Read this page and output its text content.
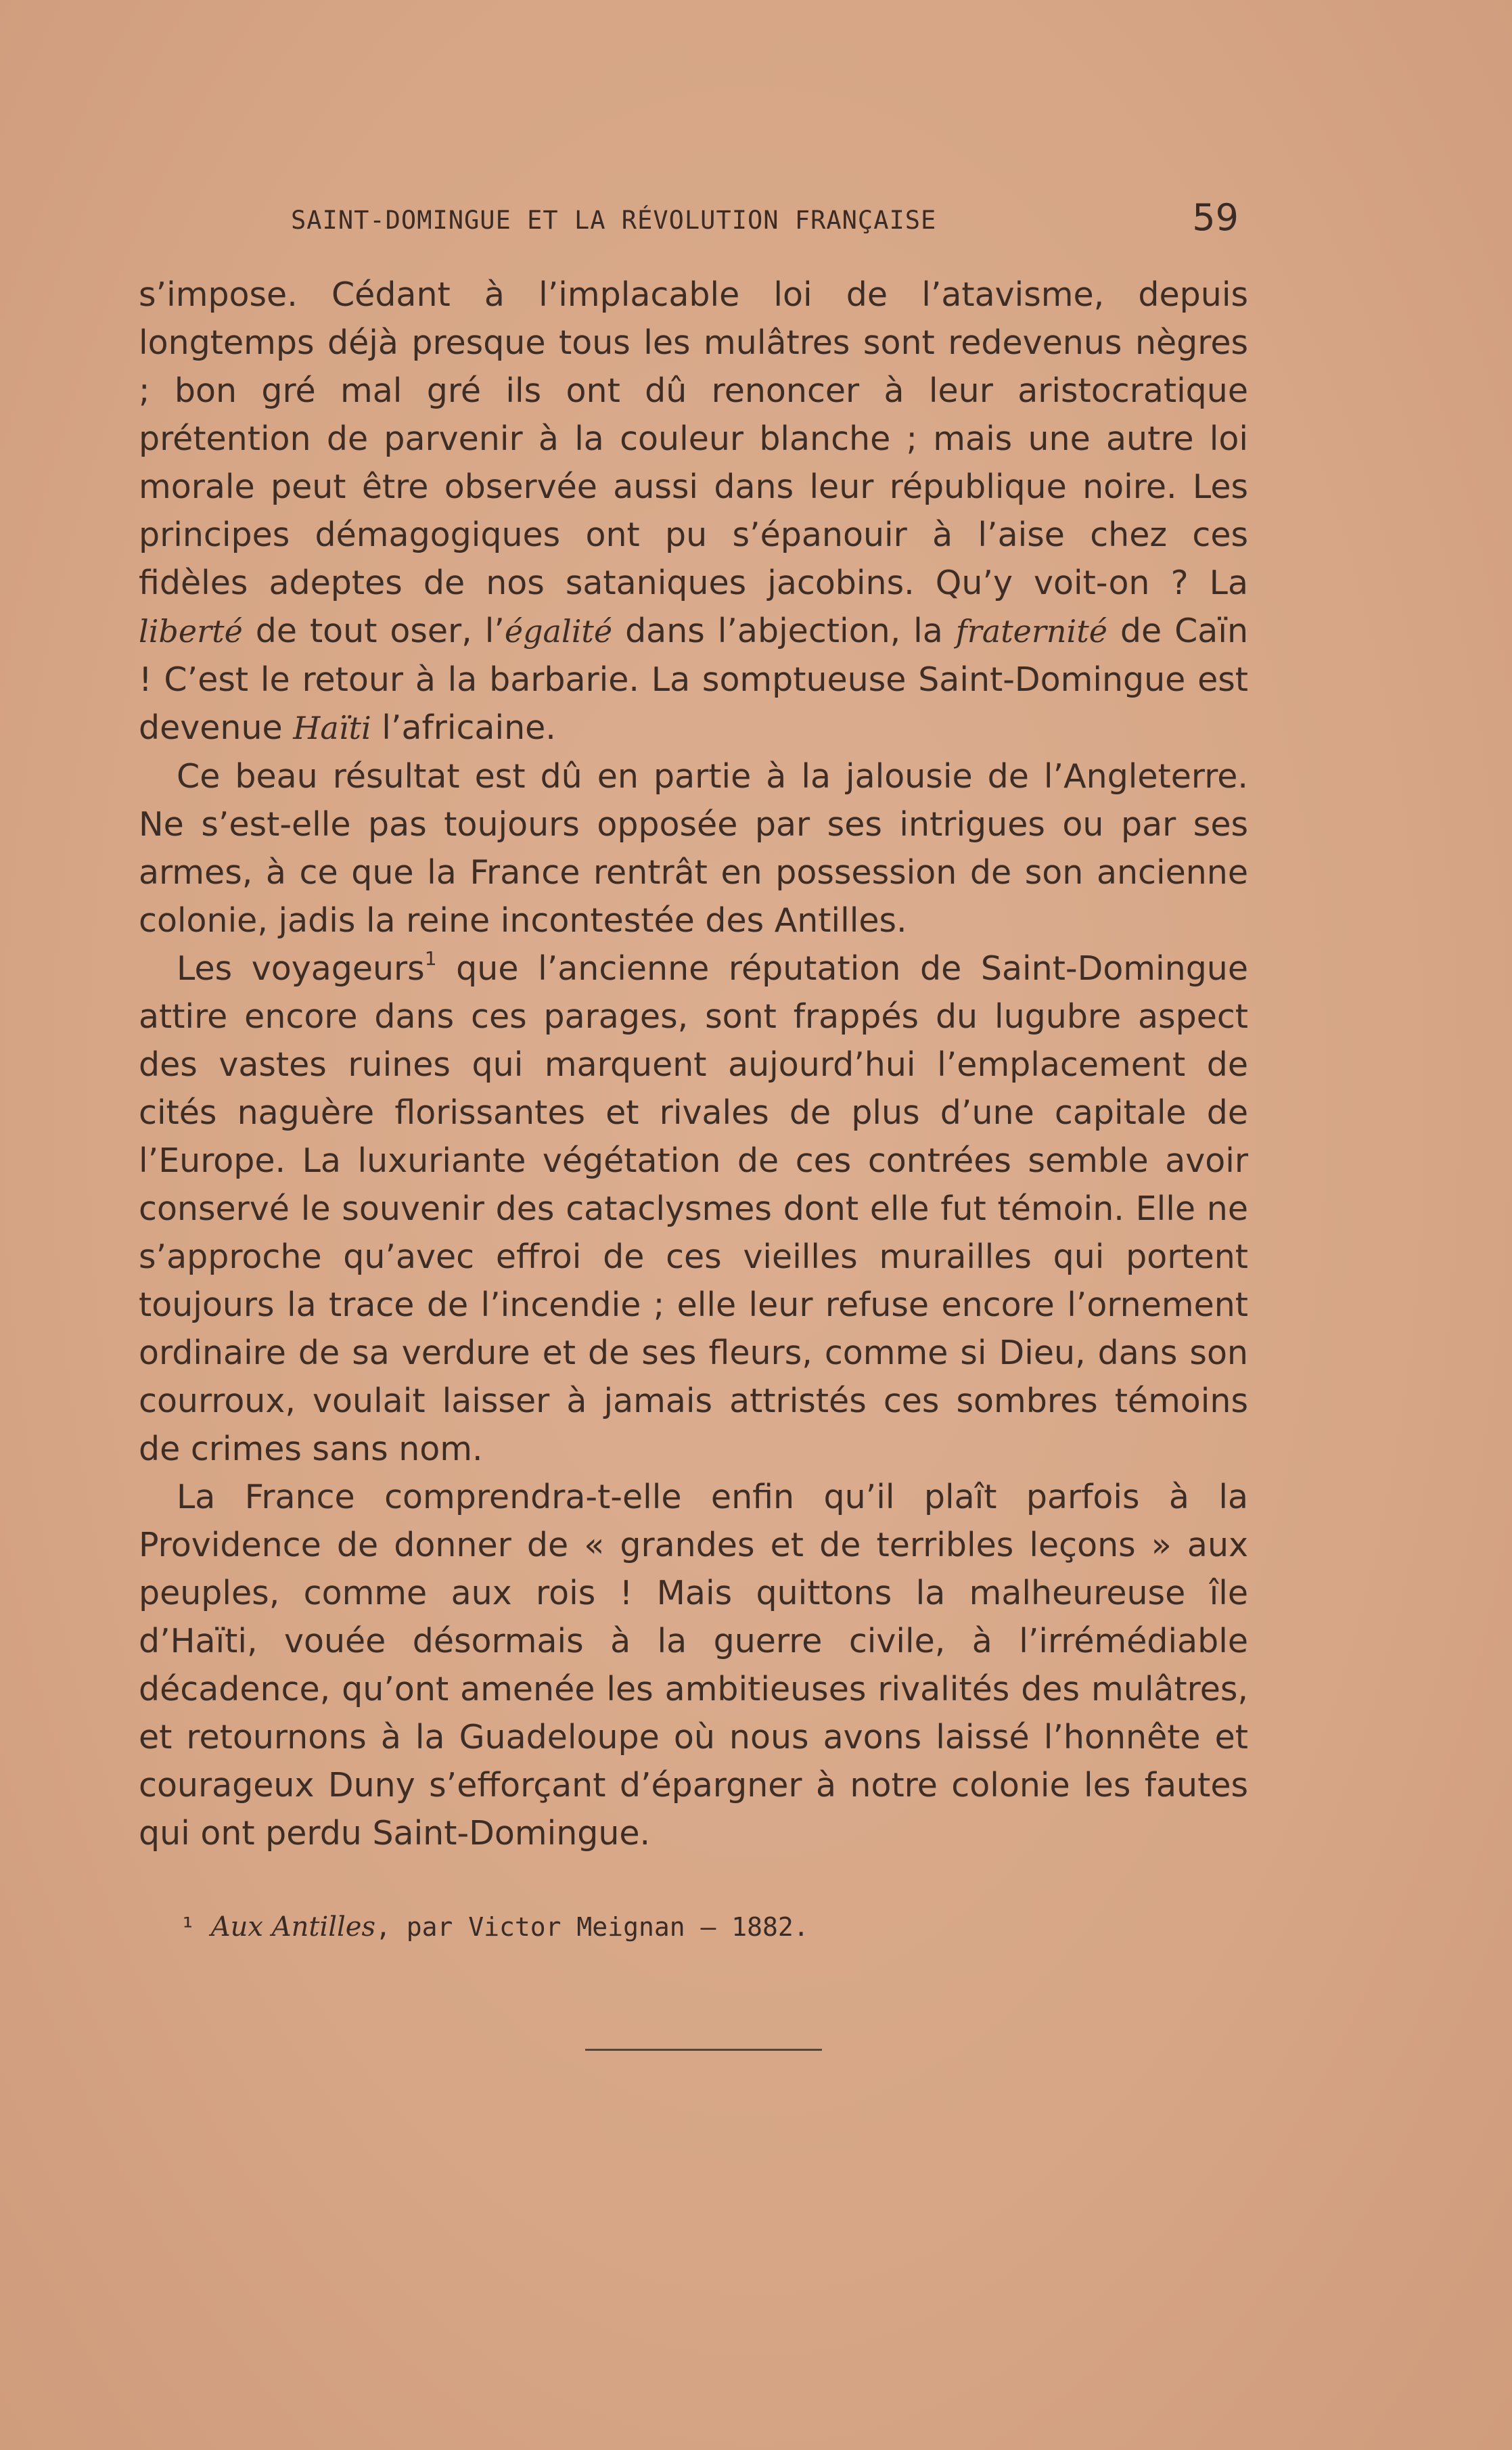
SAINT-DOMINGUE ET LA RÉVOLUTION FRANÇAISE	59

s’impose. Cédant à l’implacable loi de l’atavisme, depuis longtemps déjà presque tous les mulâtres sont redevenus nègres ; bon gré mal gré ils ont dû renoncer à leur aristocratique prétention de parvenir à la couleur blanche ; mais une autre loi morale peut être observée aussi dans leur république noire. Les principes démagogiques ont pu s’épanouir à l’aise chez ces fidèles adeptes de nos sataniques jacobins. Qu’y voit-on ? La liberté de tout oser, l’égalité dans l’abjection, la fraternité de Caïn ! C’est le retour à la barbarie. La somptueuse Saint-Domingue est devenue Haïti l’africaine.

Ce beau résultat est dû en partie à la jalousie de l’Angleterre. Ne s’est-elle pas toujours opposée par ses intrigues ou par ses armes, à ce que la France rentrât en possession de son ancienne colonie, jadis la reine incontestée des Antilles.

Les voyageurs$^1$ que l’ancienne réputation de Saint-Domingue attire encore dans ces parages, sont frappés du lugubre aspect des vastes ruines qui marquent aujourd’hui l’emplacement de cités naguère florissantes et rivales de plus d’une capitale de l’Europe. La luxuriante végétation de ces contrées semble avoir conservé le souvenir des cataclysmes dont elle fut témoin. Elle ne s’approche qu’avec effroi de ces vieilles murailles qui portent toujours la trace de l’incendie ; elle leur refuse encore l’ornement ordinaire de sa verdure et de ses fleurs, comme si Dieu, dans son courroux, voulait laisser à jamais attristés ces sombres témoins de crimes sans nom.

La France comprendra-t-elle enfin qu’il plaît parfois à la Providence de donner de « grandes et de terribles leçons » aux peuples, comme aux rois ! Mais quittons la malheureuse île d’Haïti, vouée désormais à la guerre civile, à l’irrémédiable décadence, qu’ont amenée les ambitieuses rivalités des mulâtres, et retournons à la Guadeloupe où nous avons laissé l’honnête et courageux Duny s’efforçant d’épargner à notre colonie les fautes qui ont perdu Saint-Domingue.

¹ Aux Antilles, par Victor Meignan — 1882.
